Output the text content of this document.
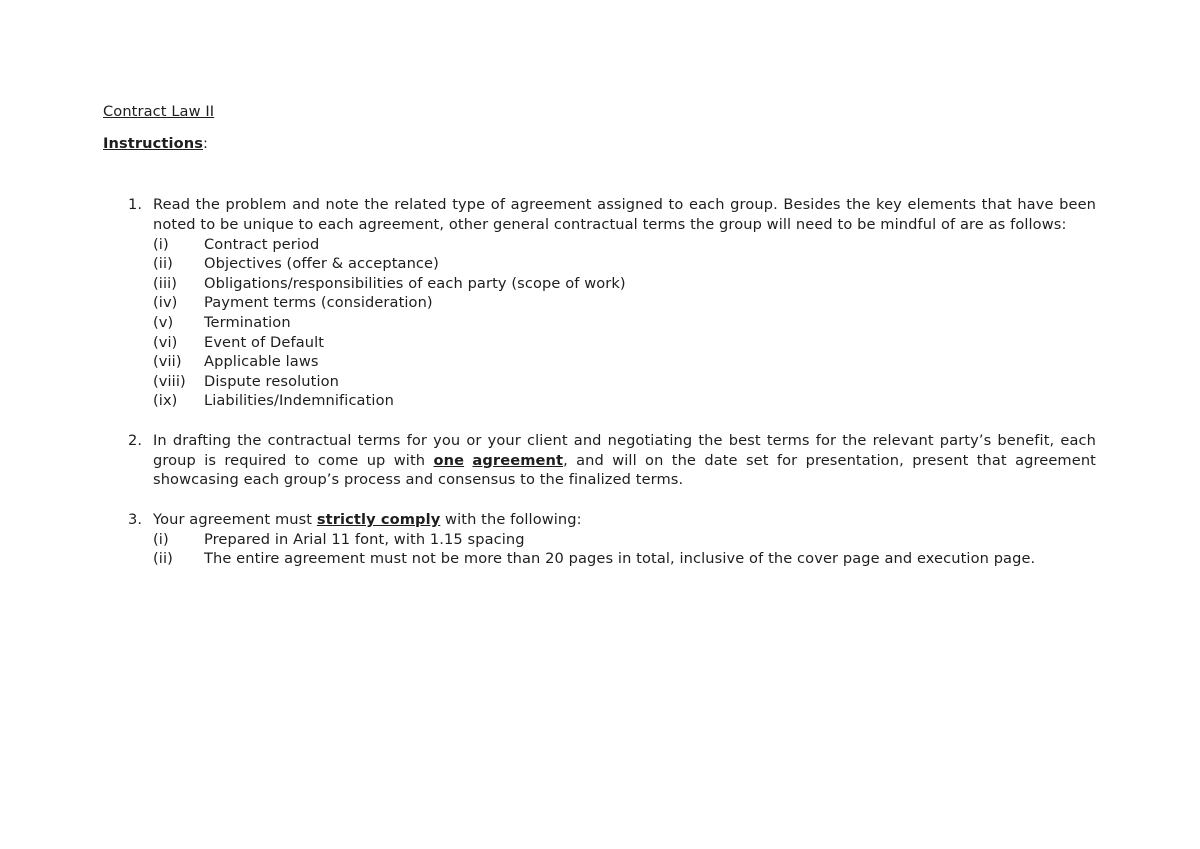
Contract Law II
Instructions:
1. Read the problem and note the related type of agreement assigned to each group. Besides the key elements that have been noted to be unique to each agreement, other general contractual terms the group will need to be mindful of are as follows:

(i) Contract period
(ii) Objectives (offer & acceptance)
(iii) Obligations/responsibilities of each party (scope of work)
(iv) Payment terms (consideration)
(v) Termination
(vi) Event of Default
(vii) Applicable laws
(viii) Dispute resolution
(ix) Liabilities/Indemnification
2. In drafting the contractual terms for you or your client and negotiating the best terms for the relevant party’s benefit, each group is required to come up with one agreement, and will on the date set for presentation, present that agreement showcasing each group’s process and consensus to the finalized terms.

3. Your agreement must strictly comply with the following:

(i) Prepared in Arial 11 font, with 1.15 spacing
(ii) The entire agreement must not be more than 20 pages in total, inclusive of the cover page and execution page.
